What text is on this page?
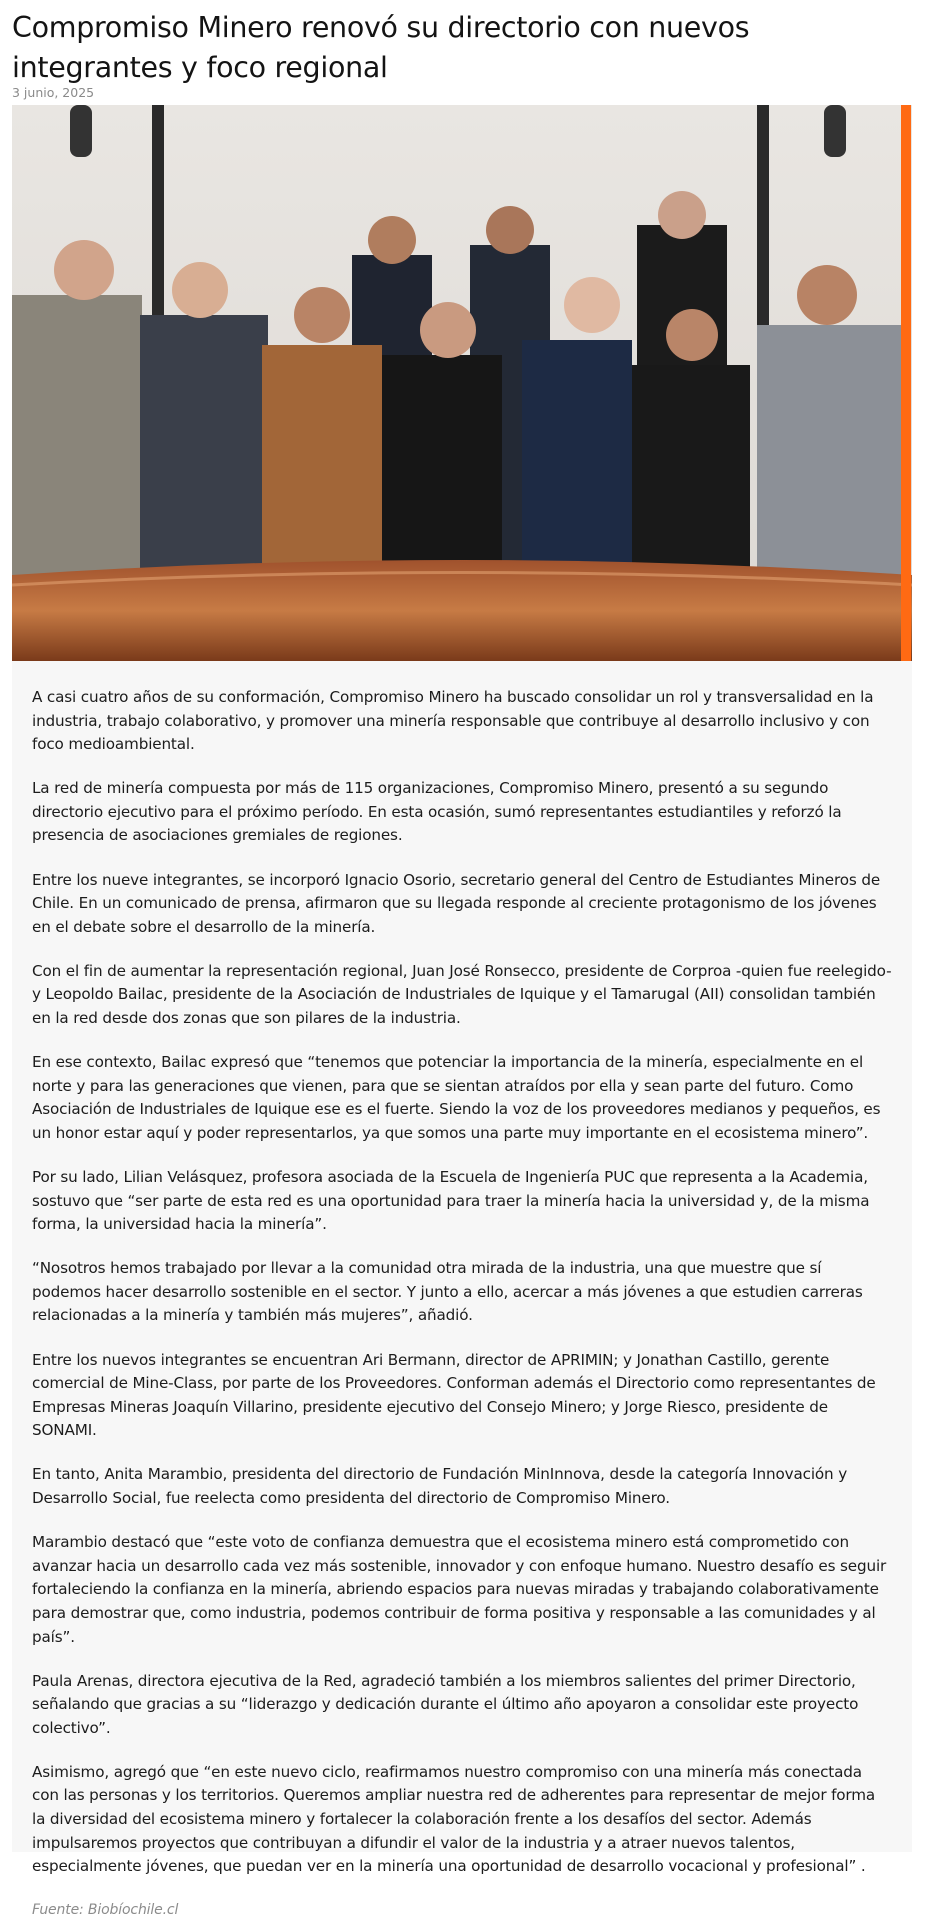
Compromiso Minero renovó su directorio con nuevos integrantes y foco regional
3 junio, 2025

A casi cuatro años de su conformación, Compromiso Minero ha buscado consolidar un rol y transversalidad en la industria, trabajo colaborativo, y promover una minería responsable que contribuye al desarrollo inclusivo y con foco medioambiental.

La red de minería compuesta por más de 115 organizaciones, Compromiso Minero, presentó a su segundo directorio ejecutivo para el próximo período. En esta ocasión, sumó representantes estudiantiles y reforzó la presencia de asociaciones gremiales de regiones.

Entre los nueve integrantes, se incorporó Ignacio Osorio, secretario general del Centro de Estudiantes Mineros de Chile. En un comunicado de prensa, afirmaron que su llegada responde al creciente protagonismo de los jóvenes en el debate sobre el desarrollo de la minería.

Con el fin de aumentar la representación regional, Juan José Ronsecco, presidente de Corproa -quien fue reelegido- y Leopoldo Bailac, presidente de la Asociación de Industriales de Iquique y el Tamarugal (AII) consolidan también en la red desde dos zonas que son pilares de la industria.

En ese contexto, Bailac expresó que “tenemos que potenciar la importancia de la minería, especialmente en el norte y para las generaciones que vienen, para que se sientan atraídos por ella y sean parte del futuro. Como Asociación de Industriales de Iquique ese es el fuerte. Siendo la voz de los proveedores medianos y pequeños, es un honor estar aquí y poder representarlos, ya que somos una parte muy importante en el ecosistema minero”.

Por su lado, Lilian Velásquez, profesora asociada de la Escuela de Ingeniería PUC que representa a la Academia, sostuvo que “ser parte de esta red es una oportunidad para traer la minería hacia la universidad y, de la misma forma, la universidad hacia la minería”.

“Nosotros hemos trabajado por llevar a la comunidad otra mirada de la industria, una que muestre que sí podemos hacer desarrollo sostenible en el sector. Y junto a ello, acercar a más jóvenes a que estudien carreras relacionadas a la minería y también más mujeres”, añadió.

Entre los nuevos integrantes se encuentran Ari Bermann, director de APRIMIN; y Jonathan Castillo, gerente comercial de Mine-Class, por parte de los Proveedores. Conforman además el Directorio como representantes de Empresas Mineras Joaquín Villarino, presidente ejecutivo del Consejo Minero; y Jorge Riesco, presidente de SONAMI.

En tanto, Anita Marambio, presidenta del directorio de Fundación MinInnova, desde la categoría Innovación y Desarrollo Social, fue reelecta como presidenta del directorio de Compromiso Minero.

Marambio destacó que “este voto de confianza demuestra que el ecosistema minero está comprometido con avanzar hacia un desarrollo cada vez más sostenible, innovador y con enfoque humano. Nuestro desafío es seguir fortaleciendo la confianza en la minería, abriendo espacios para nuevas miradas y trabajando colaborativamente para demostrar que, como industria, podemos contribuir de forma positiva y responsable a las comunidades y al país”.

Paula Arenas, directora ejecutiva de la Red, agradeció también a los miembros salientes del primer Directorio, señalando que gracias a su “liderazgo y dedicación durante el último año apoyaron a consolidar este proyecto colectivo”.

Asimismo, agregó que “en este nuevo ciclo, reafirmamos nuestro compromiso con una minería más conectada con las personas y los territorios. Queremos ampliar nuestra red de adherentes para representar de mejor forma la diversidad del ecosistema minero y fortalecer la colaboración frente a los desafíos del sector. Además impulsaremos proyectos que contribuyan a difundir el valor de la industria y a atraer nuevos talentos, especialmente jóvenes, que puedan ver en la minería una oportunidad de desarrollo vocacional y profesional” .

Fuente: Biobíochile.cl
